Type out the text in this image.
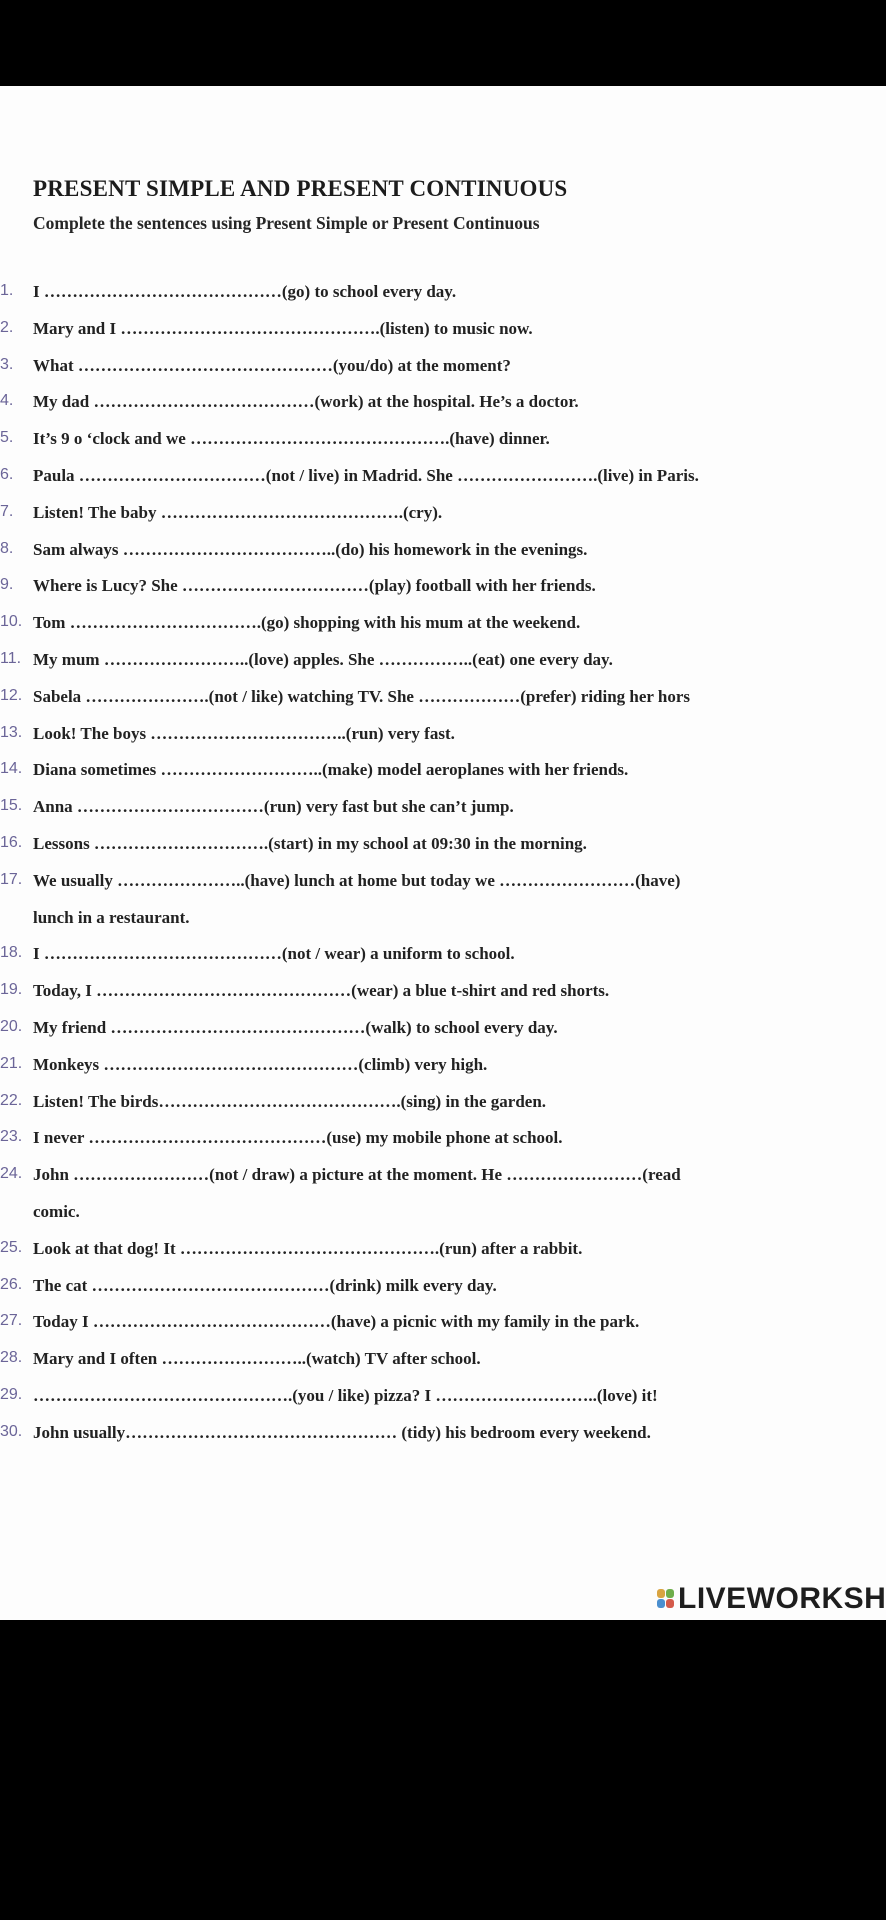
PRESENT SIMPLE AND PRESENT CONTINUOUS
Complete the sentences using Present Simple or Present Continuous
1.	I ……………………………………(go) to school every day.
2.	Mary and I ……………………………………….(listen) to music now.
3.	What ………………………………………(you/do) at the moment?
4.	My dad …………………………………(work) at the hospital. He’s a doctor.
5.	It’s 9 o ‘clock and we ……………………………………….(have) dinner.
6.	Paula ……………………………(not / live) in Madrid. She …………………….(live) in Paris.
7.	Listen! The baby …………………………………….(cry).
8.	Sam always ………………………………..(do) his homework in the evenings.
9.	Where is Lucy? She ……………………………(play) football with her friends.
10. Tom …………………………….(go) shopping with his mum at the weekend.
11. My mum ……………………..(love) apples. She ……………..(eat) one every day.
12. Sabela ………………….(not / like) watching TV. She ………………(prefer) riding her hors
13. Look! The boys ……………………………..(run) very fast.
14. Diana sometimes ………………………..(make) model aeroplanes with her friends.
15. Anna ……………………………(run) very fast but she can’t jump.
16. Lessons ………………………….(start) in my school at 09:30 in the morning.
17. We usually …………………..(have) lunch at home but today we ……………………(have)
lunch in a restaurant.
18. I ……………………………………(not / wear) a uniform to school.
19. Today, I ………………………………………(wear) a blue t-shirt and red shorts.
20. My friend ………………………………………(walk) to school every day.
21. Monkeys ………………………………………(climb) very high.
22. Listen! The birds…………………………………….(sing) in the garden.
23. I never ……………………………………(use) my mobile phone at school.
24. John ……………………(not / draw) a picture at the moment. He ……………………(read
comic.
25. Look at that dog! It ……………………………………….(run) after a rabbit.
26. The cat ……………………………………(drink) milk every day.
27. Today I ……………………………………(have) a picnic with my family in the park.
28. Mary and I often ……………………..(watch) TV after school.
29. ……………………………………….(you / like) pizza? I ………………………..(love) it!
30. John usually………………………………………… (tidy) his bedroom every weekend.
LIVEWORKSH
